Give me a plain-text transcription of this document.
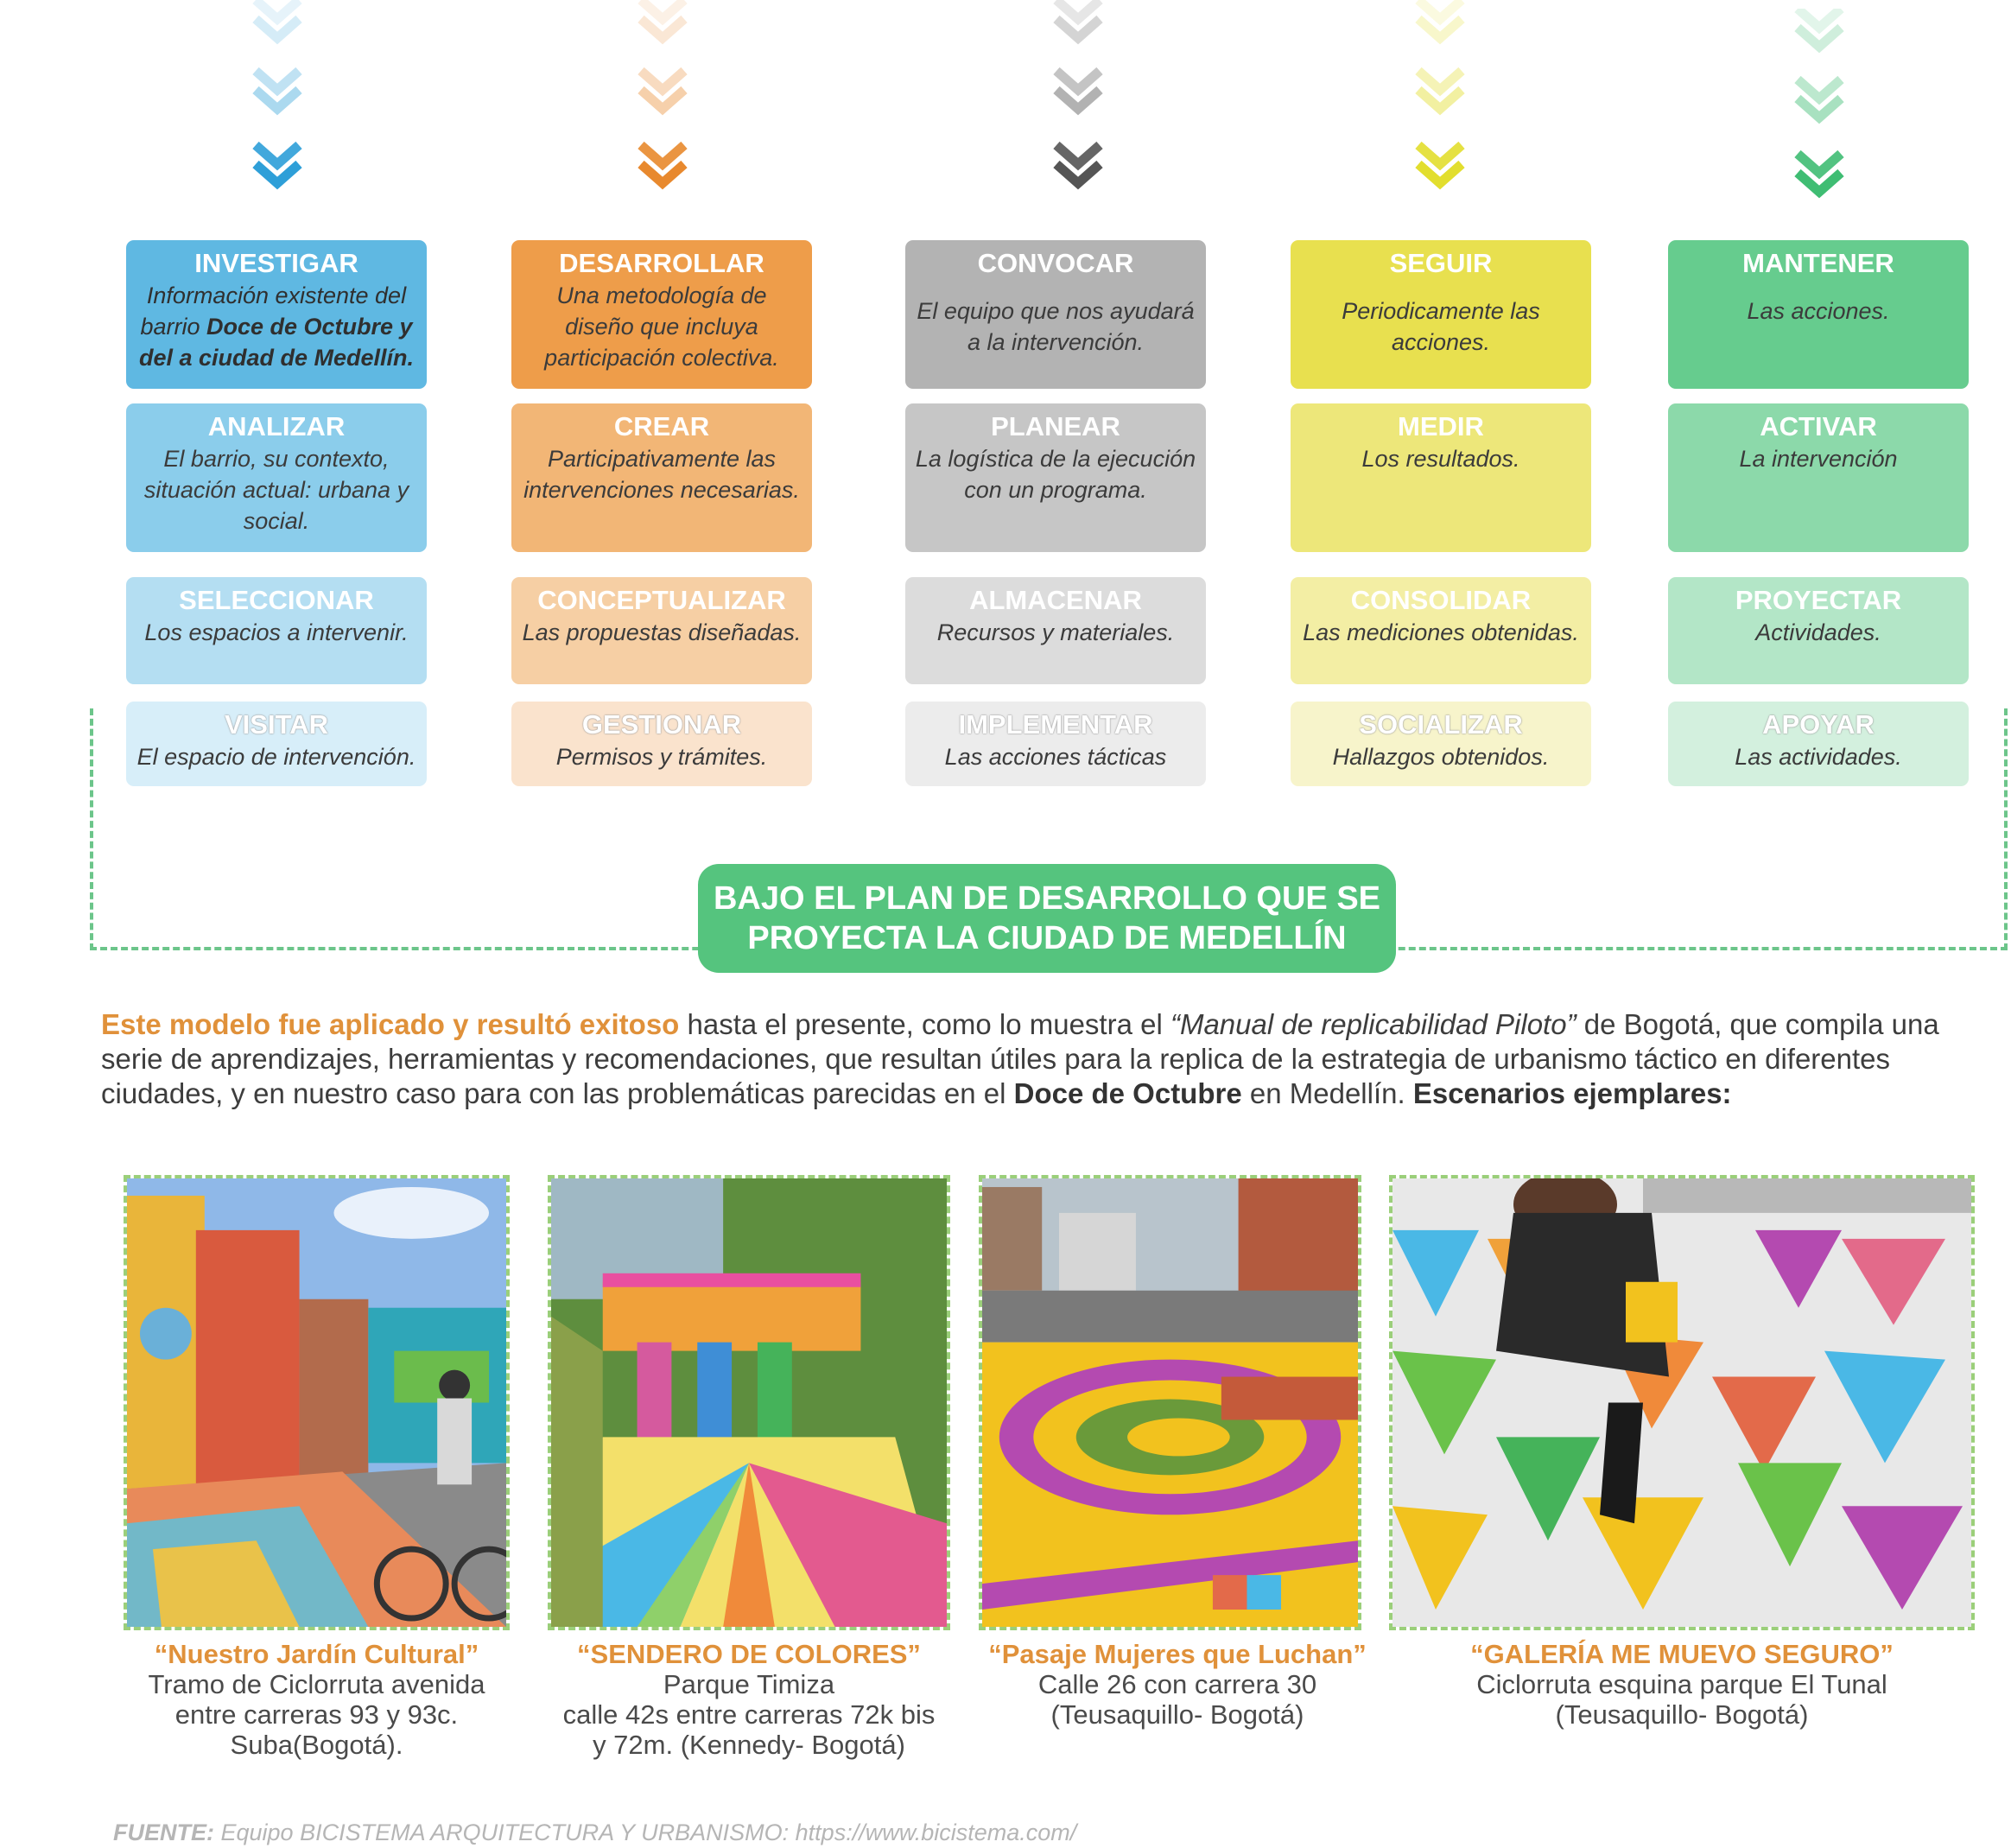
INVESTIGAR
Información existente del barrio Doce de Octubre y del a ciudad de Medellín.
ANALIZAR
El barrio, su contexto, situación actual: urbana y social.
SELECCIONAR
Los espacios a intervenir.
VISITAR
El espacio de intervención.
DESARROLLAR
Una metodología de diseño que incluya participación colectiva.
CREAR
Participativamente las intervenciones necesarias.
CONCEPTUALIZAR
Las propuestas diseñadas.
GESTIONAR
Permisos y trámites.
CONVOCAR
El equipo que nos ayudará a la intervención.
PLANEAR
La logística de la ejecución con un programa.
ALMACENAR
Recursos y materiales.
IMPLEMENTAR
Las acciones tácticas
SEGUIR
Periodicamente las acciones.
MEDIR
Los resultados.
CONSOLIDAR
Las mediciones obtenidas.
SOCIALIZAR
Hallazgos obtenidos.
MANTENER
Las acciones.
ACTIVAR
La intervención
PROYECTAR
Actividades.
APOYAR
Las actividades.
BAJO EL PLAN DE DESARROLLO QUE SE
PROYECTA LA CIUDAD DE MEDELLÍN
Este modelo fue aplicado y resultó exitoso hasta el presente, como lo muestra el “Manual de replicabilidad Piloto” de Bogotá, que compila una serie de aprendizajes, herramientas y recomendaciones, que resultan útiles para la replica de la estrategia de urbanismo táctico en diferentes ciudades, y en nuestro caso para con las problemáticas parecidas en el Doce de Octubre en Medellín. Escenarios ejemplares:
“Nuestro Jardín Cultural”
Tramo de Ciclorruta avenida
entre carreras 93 y 93c.
Suba(Bogotá).
“SENDERO DE COLORES”
Parque Timiza
calle 42s entre carreras 72k bis
y 72m. (Kennedy- Bogotá)
“Pasaje Mujeres que Luchan”
Calle 26 con carrera 30
(Teusaquillo- Bogotá)
“GALERÍA ME MUEVO SEGURO”
Ciclorruta esquina parque El Tunal
(Teusaquillo- Bogotá)
FUENTE: Equipo BICISTEMA ARQUITECTURA Y URBANISMO: https://www.bicistema.com/
